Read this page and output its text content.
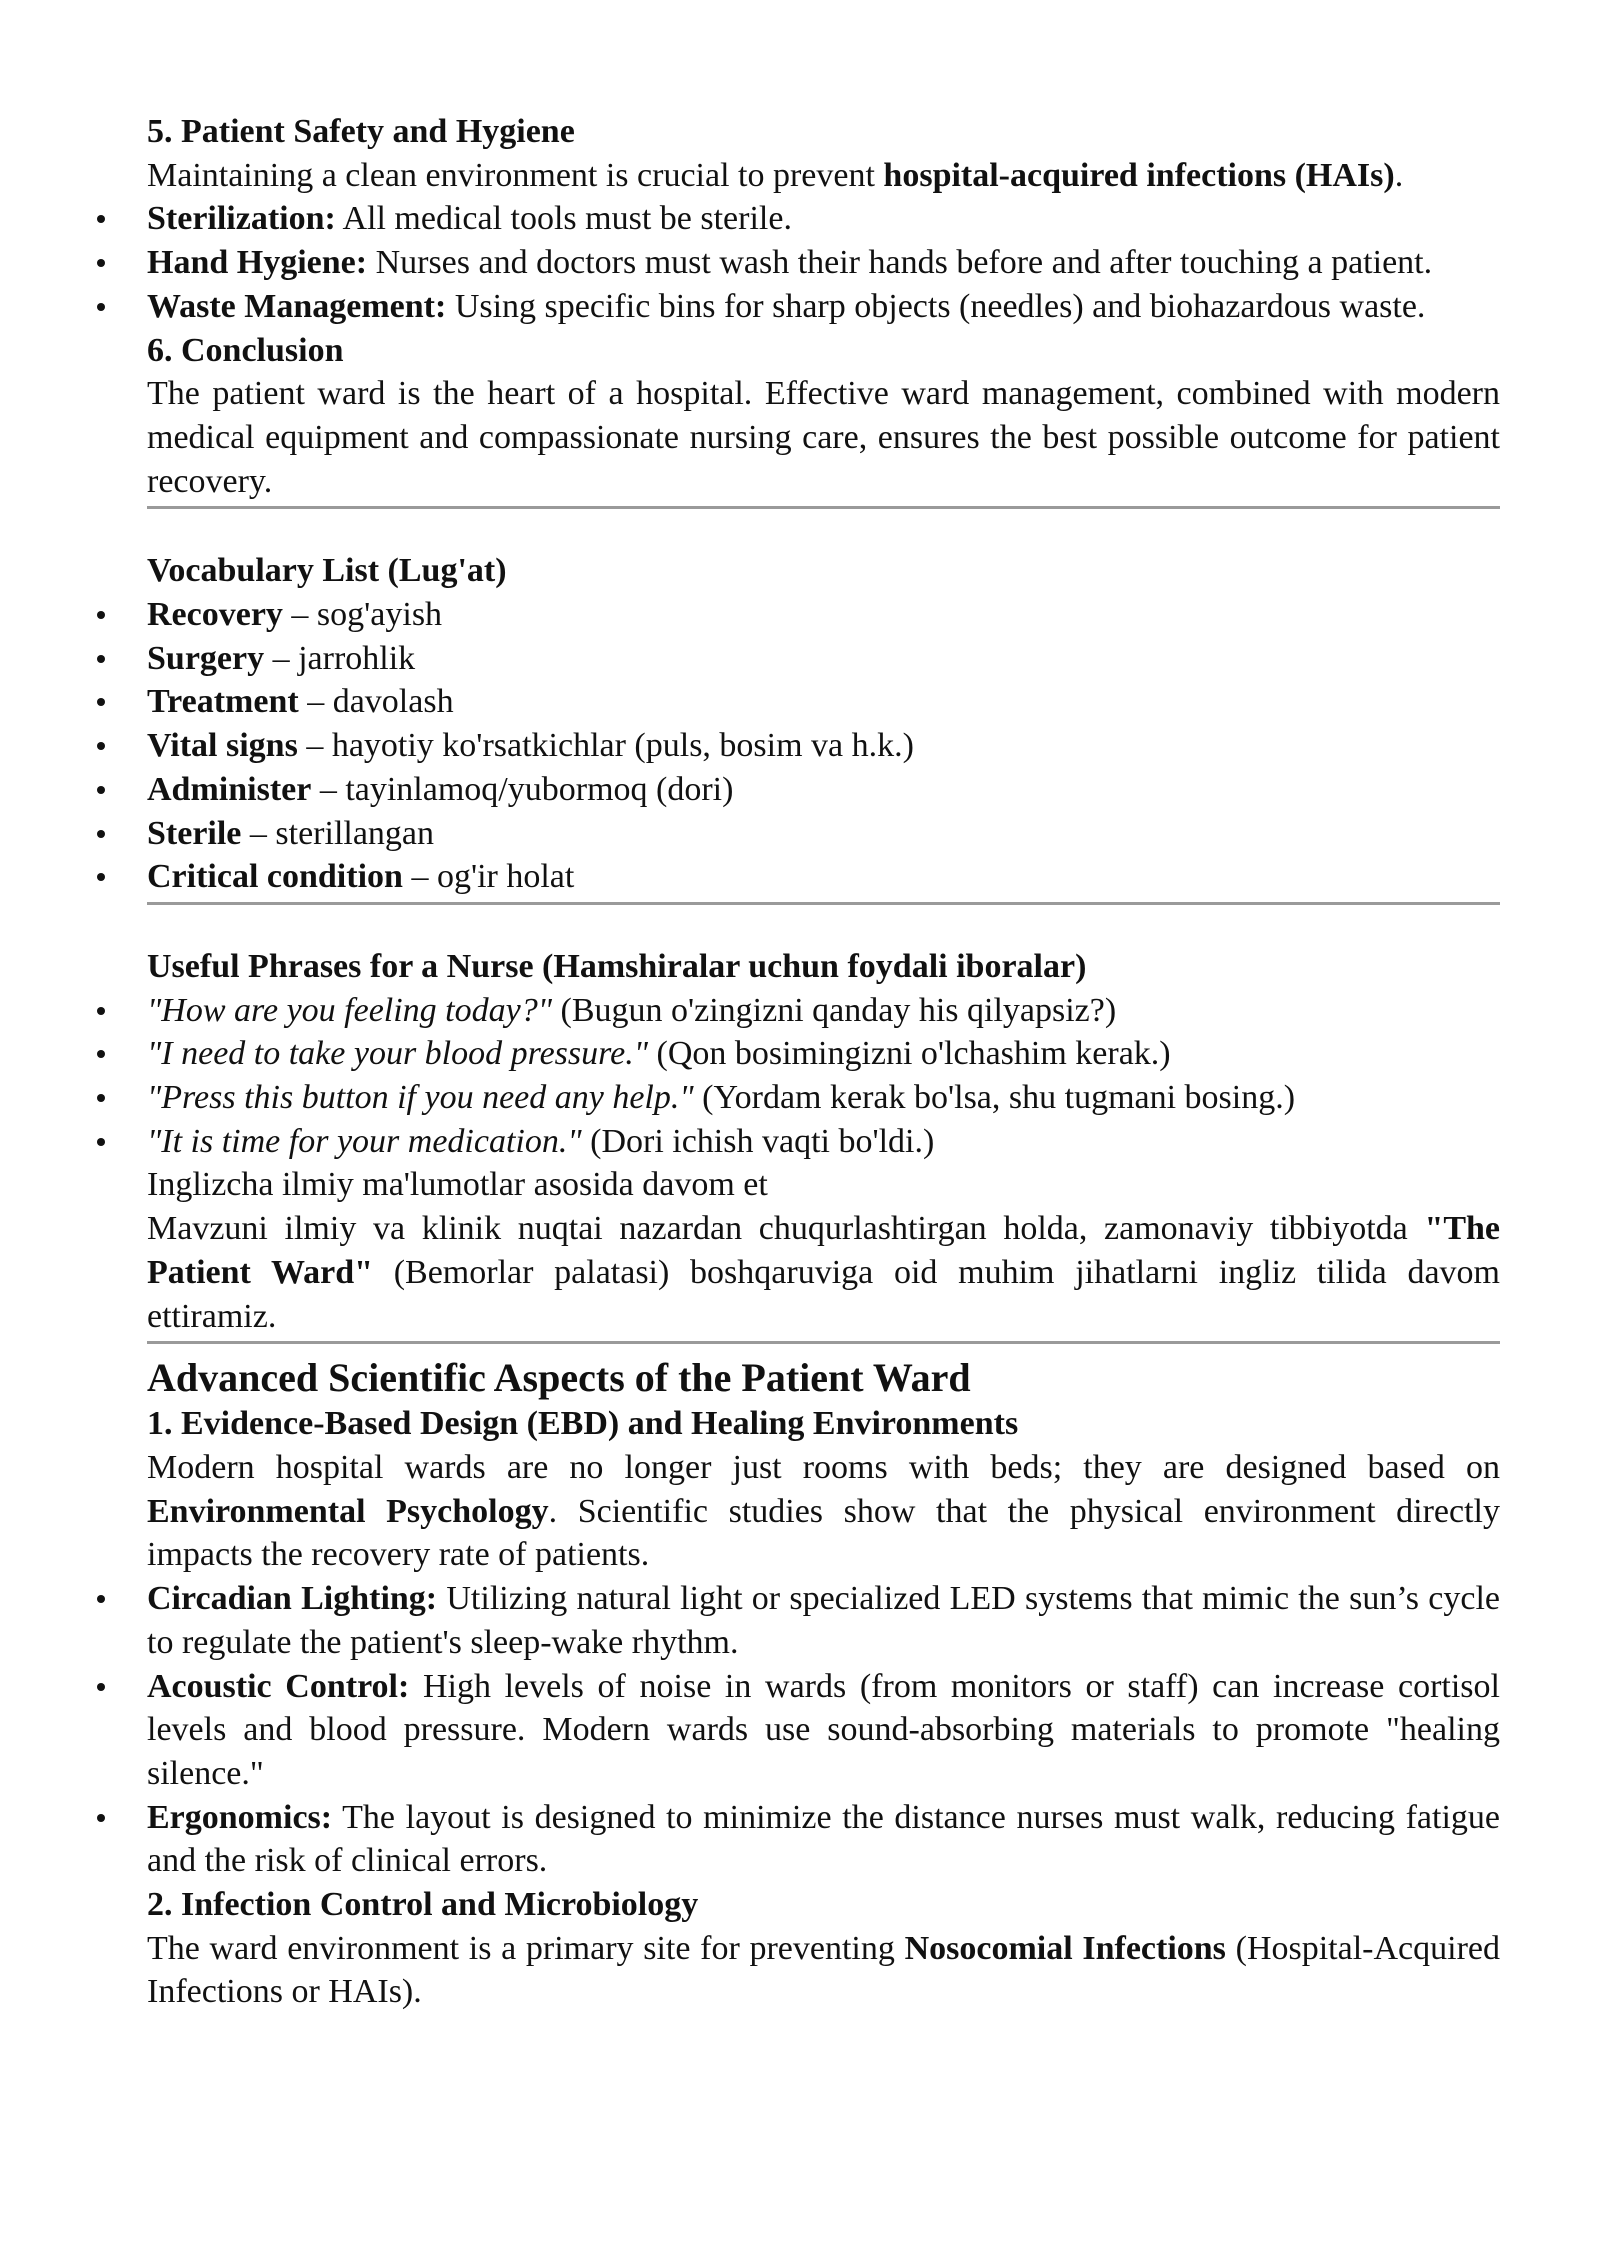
5. Patient Safety and Hygiene

Maintaining a clean environment is crucial to prevent hospital-acquired infections (HAIs).

Sterilization: All medical tools must be sterile.
Hand Hygiene: Nurses and doctors must wash their hands before and after touching a patient.
Waste Management: Using specific bins for sharp objects (needles) and biohazardous waste.

6. Conclusion

The patient ward is the heart of a hospital. Effective ward management, combined with modern medical equipment and compassionate nursing care, ensures the best possible outcome for patient recovery.

Vocabulary List (Lug'at)

Recovery – sog'ayish
Surgery – jarrohlik
Treatment – davolash
Vital signs – hayotiy ko'rsatkichlar (puls, bosim va h.k.)
Administer – tayinlamoq/yubormoq (dori)
Sterile – sterillangan
Critical condition – og'ir holat

Useful Phrases for a Nurse (Hamshiralar uchun foydali iboralar)

"How are you feeling today?" (Bugun o'zingizni qanday his qilyapsiz?)
"I need to take your blood pressure." (Qon bosimingizni o'lchashim kerak.)
"Press this button if you need any help." (Yordam kerak bo'lsa, shu tugmani bosing.)
"It is time for your medication." (Dori ichish vaqti bo'ldi.)

Inglizcha ilmiy ma'lumotlar asosida davom et

Mavzuni ilmiy va klinik nuqtai nazardan chuqurlashtirgan holda, zamonaviy tibbiyotda "The Patient Ward" (Bemorlar palatasi) boshqaruviga oid muhim jihatlarni ingliz tilida davom ettiramiz.

Advanced Scientific Aspects of the Patient Ward

1. Evidence-Based Design (EBD) and Healing Environments

Modern hospital wards are no longer just rooms with beds; they are designed based on Environmental Psychology. Scientific studies show that the physical environment directly impacts the recovery rate of patients.

Circadian Lighting: Utilizing natural light or specialized LED systems that mimic the sun’s cycle to regulate the patient's sleep-wake rhythm.
Acoustic Control: High levels of noise in wards (from monitors or staff) can increase cortisol levels and blood pressure. Modern wards use sound-absorbing materials to promote "healing silence."
Ergonomics: The layout is designed to minimize the distance nurses must walk, reducing fatigue and the risk of clinical errors.

2. Infection Control and Microbiology

The ward environment is a primary site for preventing Nosocomial Infections (Hospital-Acquired Infections or HAIs).
